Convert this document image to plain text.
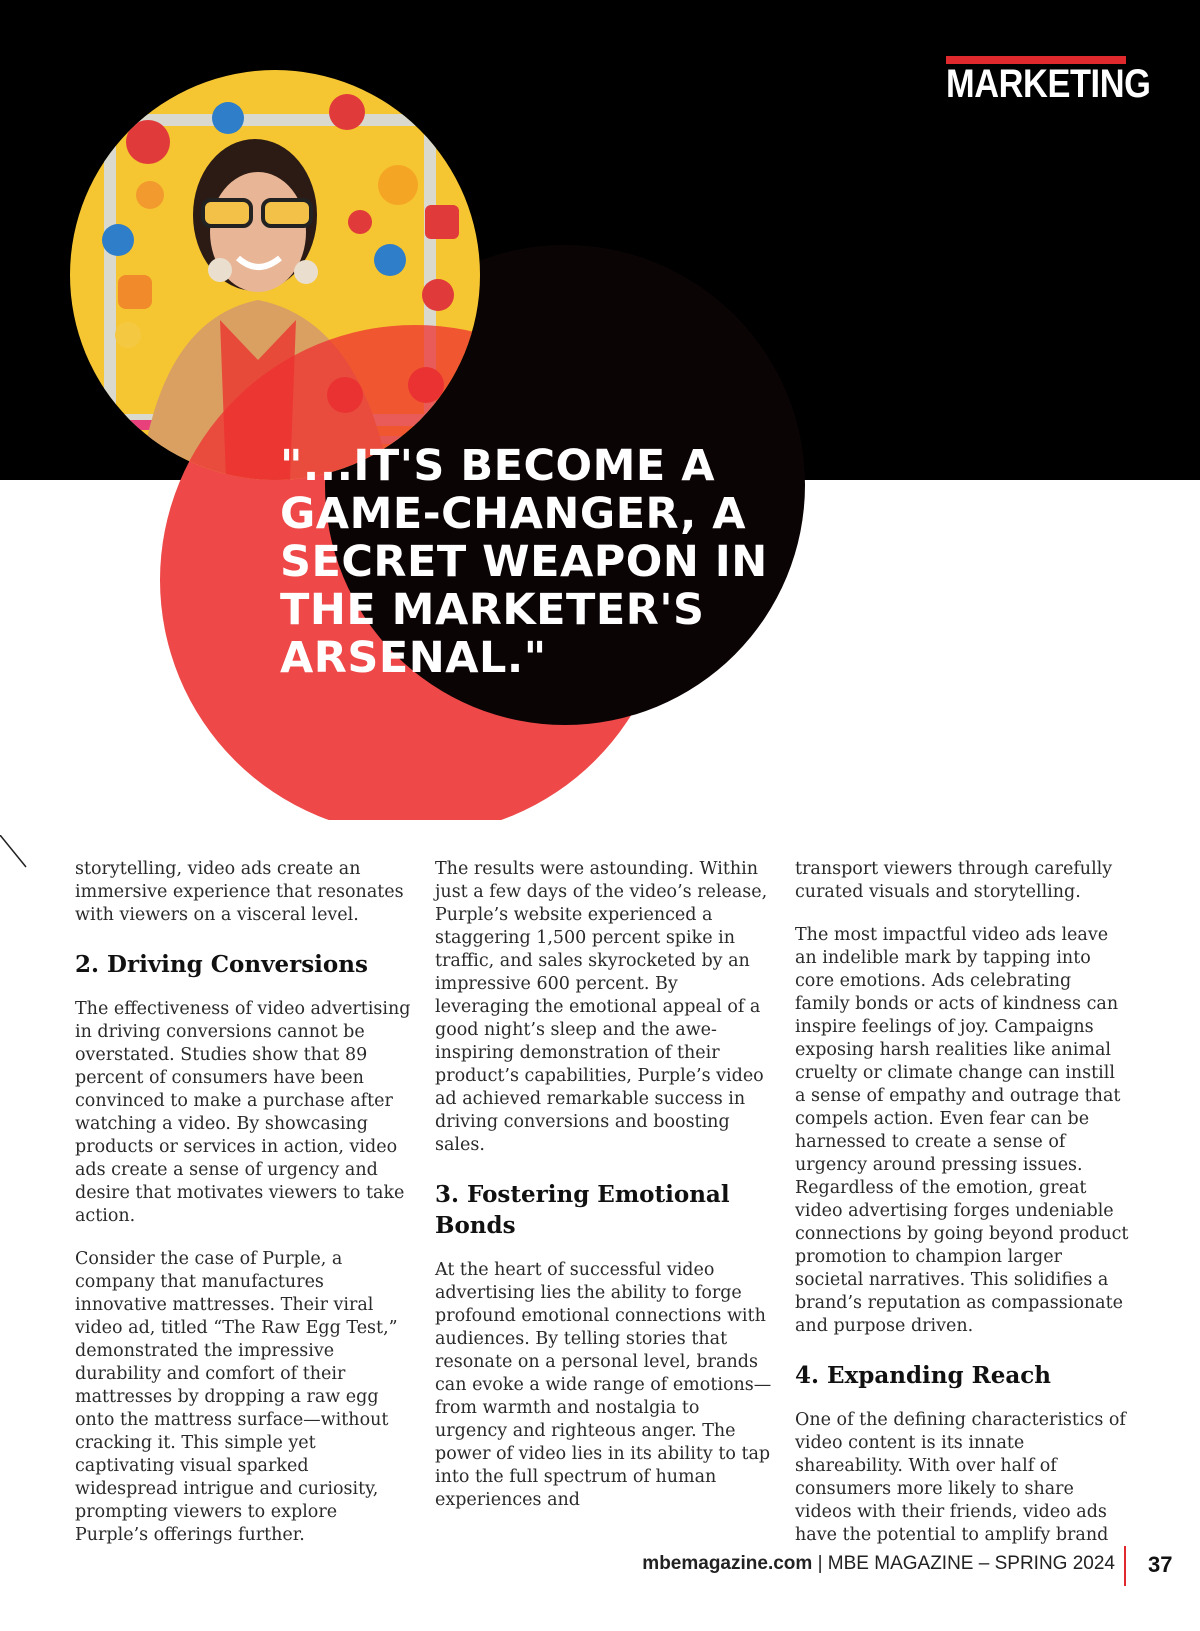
MARKETING
"...IT'S BECOME A GAME-CHANGER, A SECRET WEAPON IN THE MARKETER'S ARSENAL."

storytelling, video ads create an immersive experience that resonates with viewers on a visceral level.

2. Driving Conversions

The effectiveness of video advertising in driving conversions cannot be overstated. Studies show that 89 percent of consumers have been convinced to make a purchase after watching a video. By showcasing products or services in action, video ads create a sense of urgency and desire that motivates viewers to take action.

Consider the case of Purple, a company that manufactures innovative mattresses. Their viral video ad, titled “The Raw Egg Test,” demonstrated the impressive durability and comfort of their mattresses by dropping a raw egg onto the mattress surface—without cracking it. This simple yet captivating visual sparked widespread intrigue and curiosity, prompting viewers to explore Purple’s offerings further.

The results were astounding. Within just a few days of the video’s release, Purple’s website experienced a staggering 1,500 percent spike in traffic, and sales skyrocketed by an impressive 600 percent. By leveraging the emotional appeal of a good night’s sleep and the awe-inspiring demonstration of their product’s capabilities, Purple’s video ad achieved remarkable success in driving conversions and boosting sales.

3. Fostering Emotional Bonds

At the heart of successful video advertising lies the ability to forge profound emotional connections with audiences. By telling stories that resonate on a personal level, brands can evoke a wide range of emotions—from warmth and nostalgia to urgency and righteous anger. The power of video lies in its ability to tap into the full spectrum of human experiences and

transport viewers through carefully curated visuals and storytelling.

The most impactful video ads leave an indelible mark by tapping into core emotions. Ads celebrating family bonds or acts of kindness can inspire feelings of joy. Campaigns exposing harsh realities like animal cruelty or climate change can instill a sense of empathy and outrage that compels action. Even fear can be harnessed to create a sense of urgency around pressing issues. Regardless of the emotion, great video advertising forges undeniable connections by going beyond product promotion to champion larger societal narratives. This solidifies a brand’s reputation as compassionate and purpose driven.

4. Expanding Reach

One of the defining characteristics of video content is its innate shareability. With over half of consumers more likely to share videos with their friends, video ads have the potential to amplify brand

mbemagazine.com | MBE MAGAZINE – SPRING 2024 37
